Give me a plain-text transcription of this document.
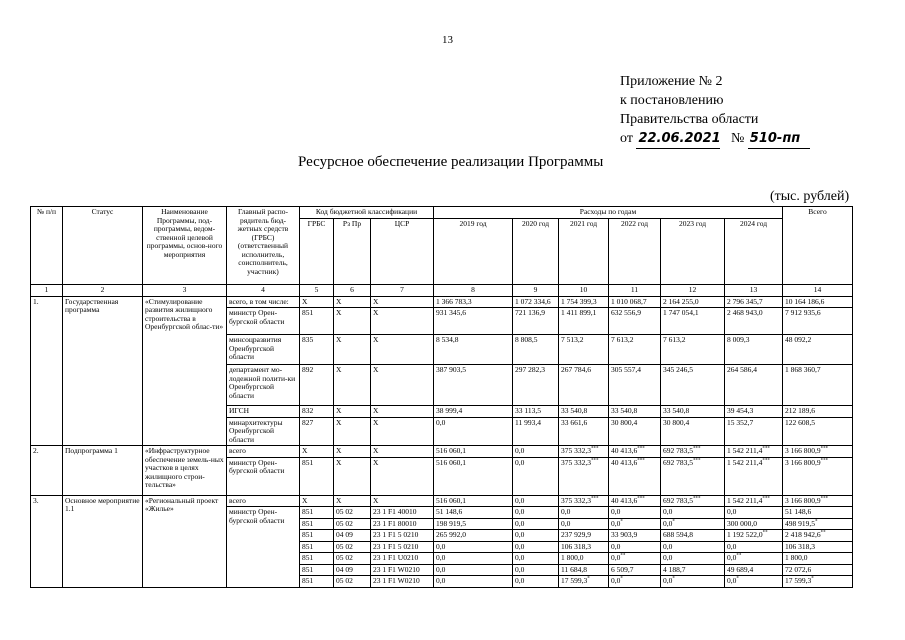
13
Приложение № 2
к постановлению
Правительства области
от
22.06.2021
№
510-пп
Ресурсное обеспечение реализации Программы
(тыс. рублей)
№ п/п	Статус	Наименование Программы, под-программы, ведом-ственной целевой программы, основ-ного мероприятия	Главный распо-рядитель бюд-жетных средств (ГРБС) (ответственный исполнитель, соисполнитель, участник)	Код бюджетной классификации			Расходы по годам						Всего
				ГРБС	Рз Пр	ЦСР	2019 год	2020 год	2021 год	2022 год	2023 год	2024 год	
1	2	3	4	5	6	7	8	9	10	11	12	13	14
1.	Государственная программа	«Стимулирование развития жилищного строительства в Оренбургской облас-ти»	всего, в том числе:	Х	Х	Х	1 366 783,3	1 072 334,6	1 754 399,3	1 010 068,7	2 164 255,0	2 796 345,7	10 164 186,6
			министр Орен-бургской области	851	Х	Х	931 345,6	721 136,9	1 411 899,1	632 556,9	1 747 054,1	2 468 943,0	7 912 935,6
			минсоцразвития Оренбургской области	835	Х	Х	8 534,8	8 808,5	7 513,2	7 613,2	7 613,2	8 009,3	48 092,2
			департамент мо-лодежной полити-ки Оренбургской области	892	Х	Х	387 903,5	297 282,3	267 784,6	305 557,4	345 246,5	264 586,4	1 868 360,7
			ИГСН	832	Х	Х	38 999,4	33 113,5	33 540,8	33 540,8	33 540,8	39 454,3	212 189,6
			минархитектуры Оренбургской области	827	Х	Х	0,0	11 993,4	33 661,6	30 800,4	30 800,4	15 352,7	122 608,5
2.	Подпрограмма 1	«Инфраструктурное обеспечение земель-ных участков в целях жилищного строи-тельства»	всего	Х	Х	Х	516 060,1	0,0	375 332,3***	40 413,6***	692 783,5***	1 542 211,4***	3 166 800,9***
			министр Орен-бургской области	851	Х	Х	516 060,1	0,0	375 332,3***	40 413,6***	692 783,5***	1 542 211,4***	3 166 800,9***
3.	Основное мероприятие 1.1	«Региональный проект «Жилье»	всего	Х	Х	Х	516 060,1	0,0	375 332,3***	40 413,6***	692 783,5***	1 542 211,4***	3 166 800,9***
			министр Орен-бургской области	851	05 02	23 1 F1 40010	51 148,6	0,0	0,0	0,0	0,0	0,0	51 148,6
				851	05 02	23 1 F1 80010	198 919,5	0,0	0,0	0,0*	0,0*	300 000,0	498 919,5*
				851	04 09	23 1 F1 5 0210	265 992,0	0,0	237 929,9	33 903,9	688 594,8	1 192 522,0**	2 418 942,6**
				851	05 02	23 1 F1 5 0210	0,0	0,0	106 318,3	0,0	0,0	0,0	106 318,3
				851	05 02	23 1 F1 U0210	0,0	0,0	1 800,0	0,0**	0,0	0,0**	1 800,0
				851	04 09	23 1 F1 W0210	0,0	0,0	11 684,8	6 509,7	4 188,7	49 689,4	72 072,6
				851	05 02	23 1 F1 W0210	0,0	0,0	17 599,3*	0,0*	0,0*	0,0*	17 599,3*
